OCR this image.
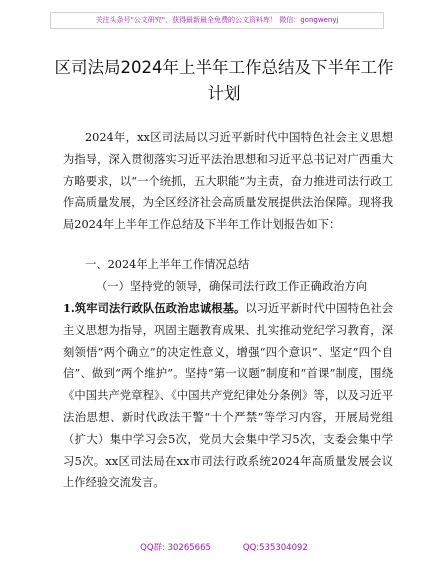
关注头条号"公文研究"，获得最新最全免费的公文资料库！ 微信：gongwenyj
区司法局2024年上半年工作总结及下半年工作
计划

2024年，xx区司法局以习近平新时代中国特色社会主义思想为指导，深入贯彻落实习近平法治思想和习近平总书记对广西重大方略要求，以“一个统抓，五大职能”为主责，奋力推进司法行政工作高质量发展，为全区经济社会高质量发展提供法治保障。现将我局2024年上半年工作总结及下半年工作计划报告如下：

一、2024年上半年工作情况总结

（一）坚持党的领导，确保司法行政工作正确政治方向

1.筑牢司法行政队伍政治忠诚根基。以习近平新时代中国特色社会主义思想为指导，巩固主题教育成果、扎实推动党纪学习教育，深刻领悟“两个确立”的决定性意义，增强“四个意识”、坚定“四个自信”、做到“两个维护”。坚持“第一议题”制度和“首课”制度，围绕《中国共产党章程》、《中国共产党纪律处分条例》等，以及习近平法治思想、新时代政法干警“十个严禁”等学习内容，开展局党组（扩大）集中学习会5次，党员大会集中学习5次，支委会集中学习5次。xx区司法局在xx市司法行政系统2024年高质量发展会议上作经验交流发言。

QQ群: 30265665	QQ:535304092
